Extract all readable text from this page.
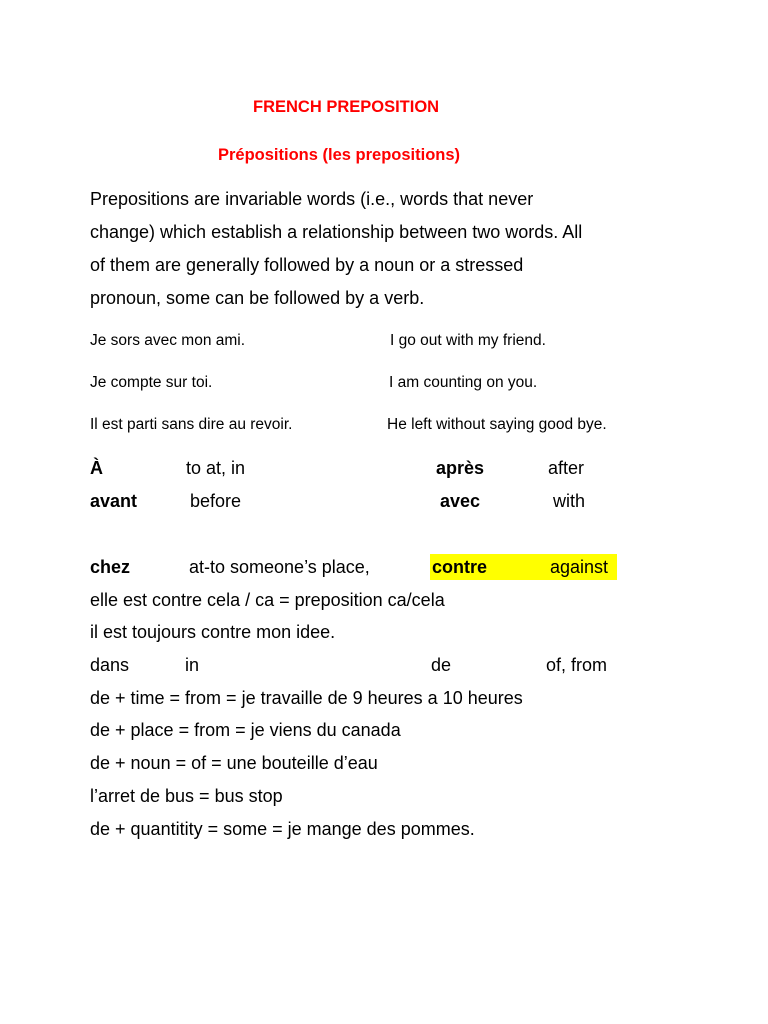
FRENCH PREPOSITION
Prépositions (les prepositions)
Prepositions are invariable words (i.e., words that never
change) which establish a relationship between two words. All
of them are generally followed by a noun or a stressed
pronoun, some can be followed by a verb.
Je sors avec mon ami.	I go out with my friend.
Je compte sur toi.	I am counting on you.
Il est parti sans dire au revoir.	He left without saying good bye.
À	to at, in	après	after
avant	before	avec	with
chez	at-to someone’s place,	contre	against
elle est contre cela / ca = preposition ca/cela
il est toujours contre mon idee.
dans	in	de	of, from
de + time = from = je travaille de 9 heures a 10 heures
de + place = from = je viens du canada
de + noun = of = une bouteille d’eau
l’arret de bus = bus stop
de + quantitity = some = je mange des pommes.
